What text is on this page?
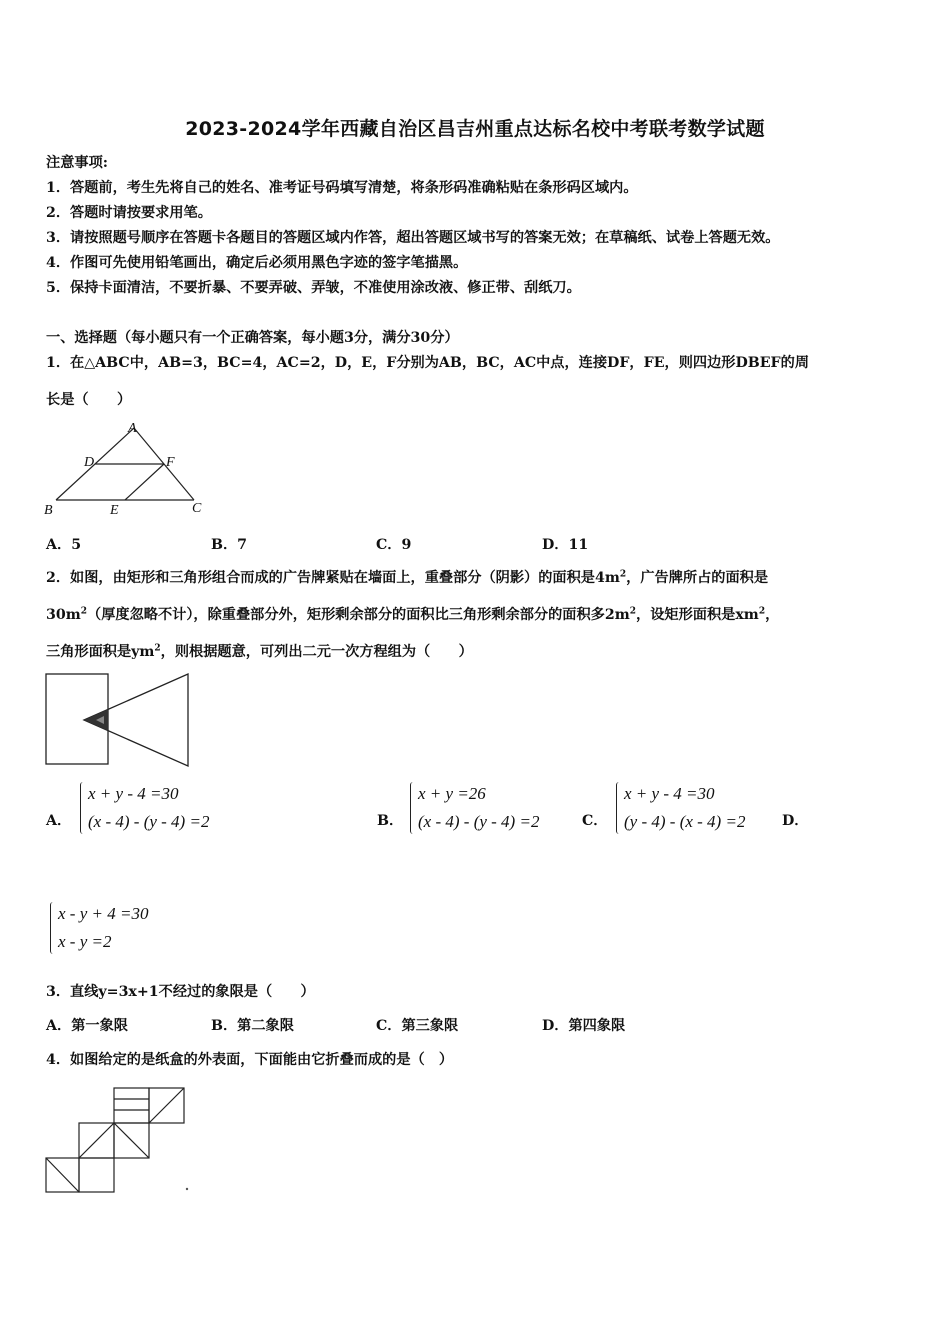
2023-2024学年西藏自治区昌吉州重点达标名校中考联考数学试题
注意事项:
1．答题前，考生先将自己的姓名、准考证号码填写清楚，将条形码准确粘贴在条形码区域内。
2．答题时请按要求用笔。
3．请按照题号顺序在答题卡各题目的答题区域内作答，超出答题区域书写的答案无效；在草稿纸、试卷上答题无效。
4．作图可先使用铅笔画出，确定后必须用黑色字迹的签字笔描黑。
5．保持卡面清洁，不要折暴、不要弄破、弄皱，不准使用涂改液、修正带、刮纸刀。
一、选择题（每小题只有一个正确答案，每小题3分，满分30分）
1．在△ABC中，AB=3，BC=4，AC=2，D，E，F分别为AB，BC，AC中点，连接DF，FE，则四边形DBEF的周
长是（　　）
A
D	F
B	E	C
A．5	B．7	C．9	D．11
2．如图，由矩形和三角形组合而成的广告牌紧贴在墙面上，重叠部分（阴影）的面积是$4m^2$，广告牌所占的面积是
$30m^2$（厚度忽略不计），除重叠部分外，矩形剩余部分的面积比三角形剩余部分的面积多$2m^2$，设矩形面积是$xm^2$，
三角形面积是$ym^2$，则根据题意，可列出二元一次方程组为（　　）
A．
x + y - 4 =30
(x - 4) - (y - 4) =2	B．
x + y =26
(x - 4) - (y - 4) =2	C．
x + y - 4 =30
(y - 4) - (x - 4) =2	D．
x - y + 4 =30
x - y =2
3．直线y=3x+1不经过的象限是（　　）
A．第一象限	B．第二象限	C．第三象限	D．第四象限
4．如图给定的是纸盒的外表面，下面能由它折叠而成的是（　）
